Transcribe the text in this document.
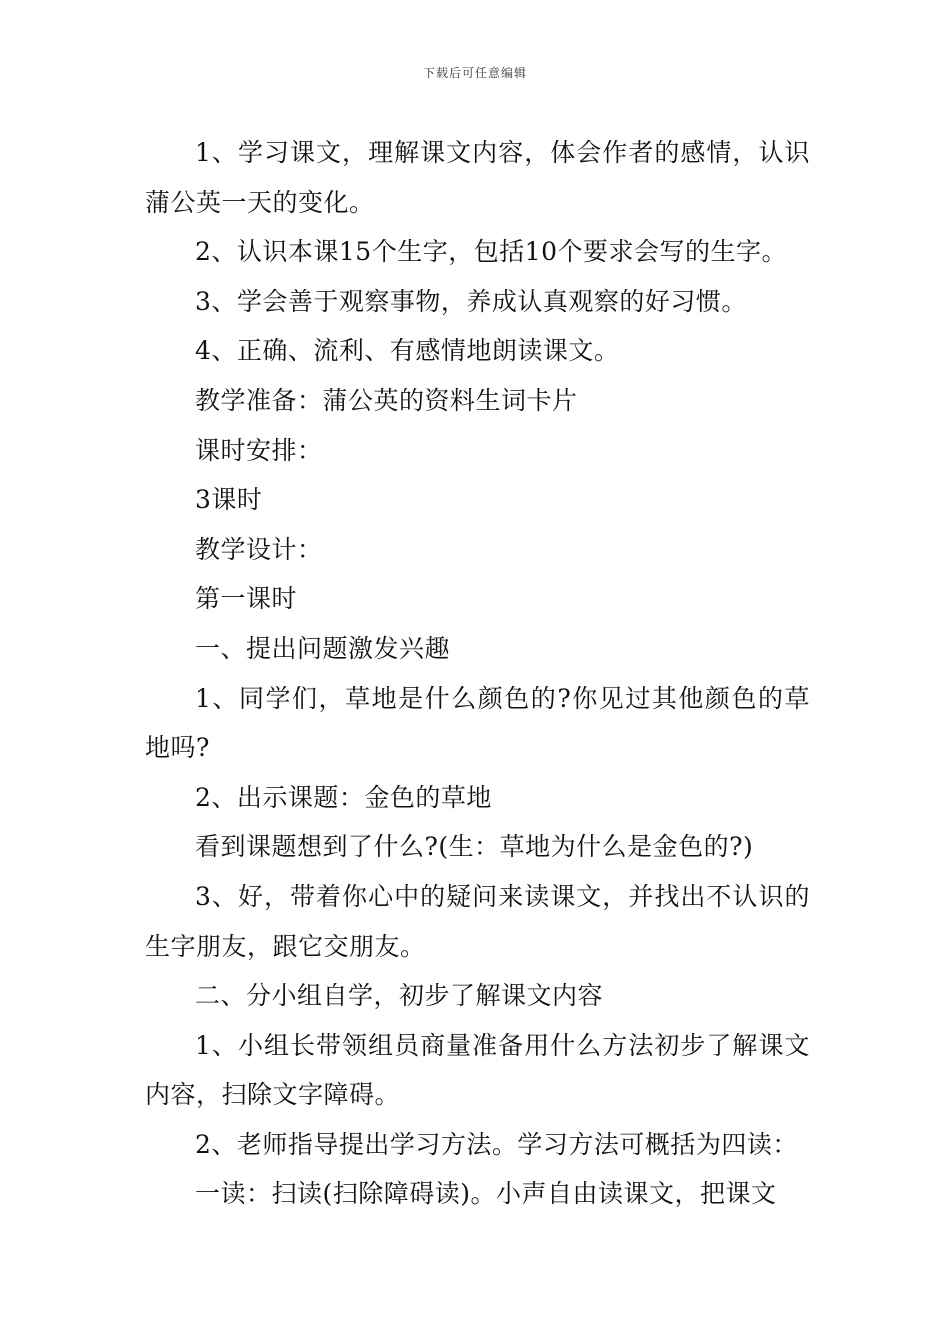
下载后可任意编辑

1、学习课文，理解课文内容，体会作者的感情，认识蒲公英一天的变化。

2、认识本课15个生字，包括10个要求会写的生字。

3、学会善于观察事物，养成认真观察的好习惯。

4、正确、流利、有感情地朗读课文。

教学准备：蒲公英的资料生词卡片

课时安排：

3课时

教学设计：

第一课时

一、提出问题激发兴趣

1、同学们，草地是什么颜色的?你见过其他颜色的草地吗?

2、出示课题：金色的草地

看到课题想到了什么?(生：草地为什么是金色的?)

3、好，带着你心中的疑问来读课文，并找出不认识的生字朋友，跟它交朋友。

二、分小组自学，初步了解课文内容

1、小组长带领组员商量准备用什么方法初步了解课文内容，扫除文字障碍。

2、老师指导提出学习方法。学习方法可概括为四读：

一读：扫读(扫除障碍读)。小声自由读课文，把课文
